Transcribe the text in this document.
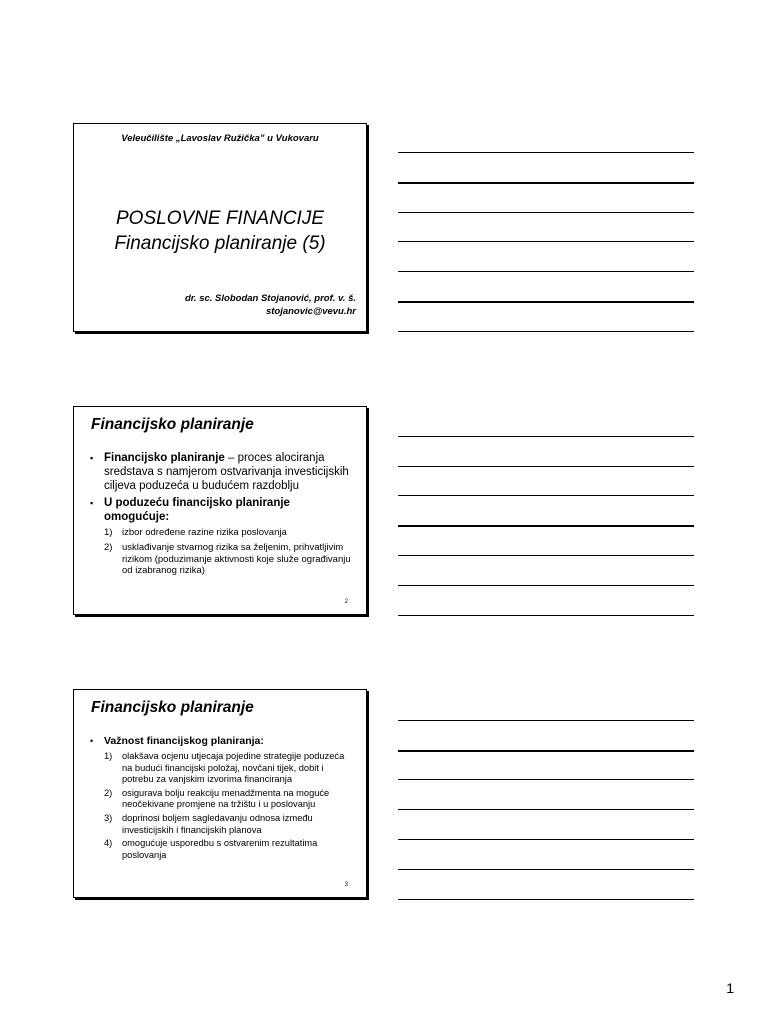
Veleučilište „Lavoslav Ružička” u Vukovaru
POSLOVNE FINANCIJE
Financijsko planiranje (5)
dr. sc. Slobodan Stojanović, prof. v. š.
stojanovic@vevu.hr
Financijsko planiranje
▪ Financijsko planiranje – proces alociranja sredstava s namjerom ostvarivanja investicijskih ciljeva poduzeća u budućem razdoblju
▪ U poduzeću financijsko planiranje omogućuje:
1) izbor određene razine rizika poslovanja
2) usklađivanje stvarnog rizika sa željenim, prihvatljivim rizikom (poduzimanje aktivnosti koje služe ograđivanju od izabranog rizika)
2
Financijsko planiranje
• Važnost financijskog planiranja:
1) olakšava ocjenu utjecaja pojedine strategije poduzeća na budući financijski položaj, novčani tijek, dobit i potrebu za vanjskim izvorima financiranja
2) osigurava bolju reakciju menadžmenta na moguće neočekivane promjene na tržištu i u poslovanju
3) doprinosi boljem sagledavanju odnosa između investicijskih i financijskih planova
4) omogućuje usporedbu s ostvarenim rezultatima poslovanja
3
1
